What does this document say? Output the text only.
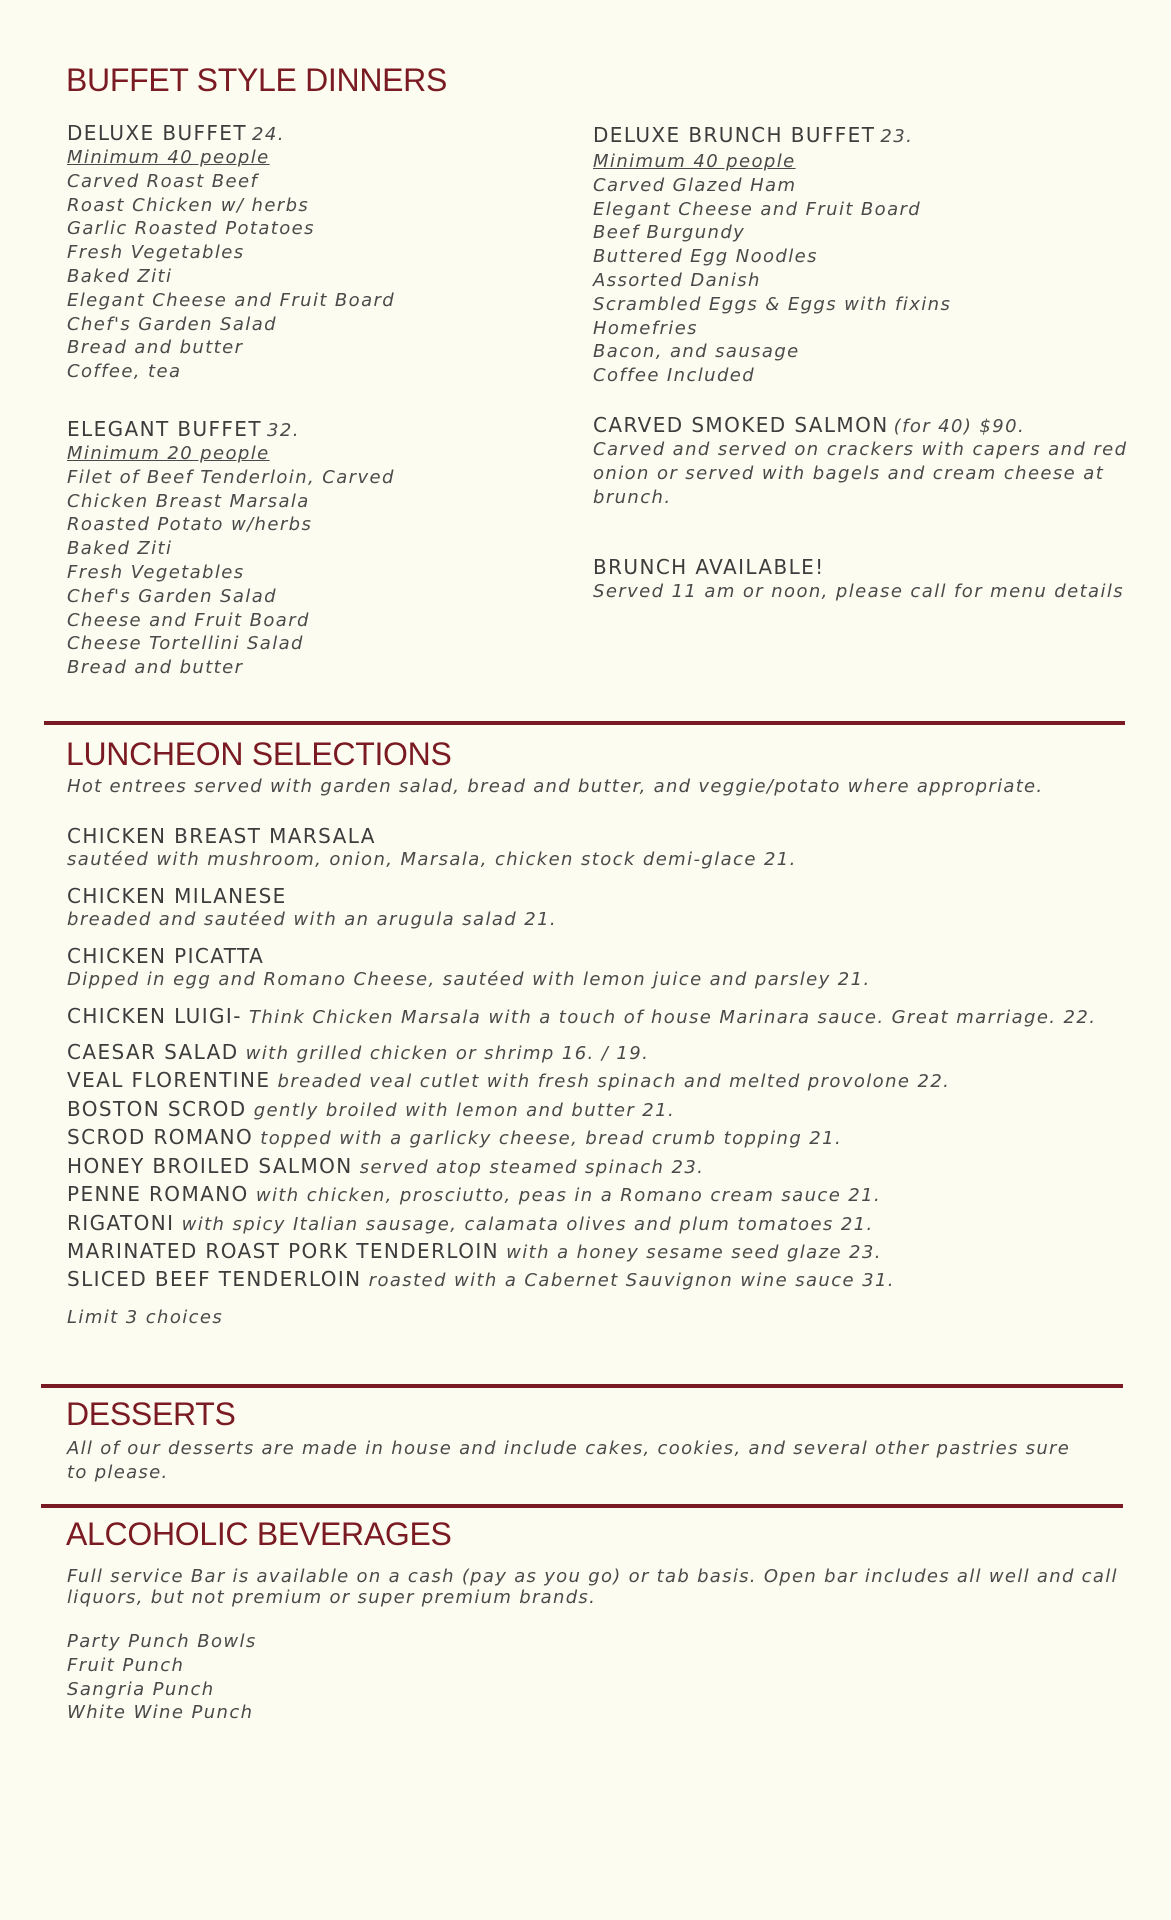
BUFFET STYLE DINNERS
DELUXE BUFFET 24.
Minimum 40 people
Carved Roast Beef
Roast Chicken w/ herbs
Garlic Roasted Potatoes
Fresh Vegetables
Baked Ziti
Elegant Cheese and Fruit Board
Chef's Garden Salad
Bread and butter
Coffee, tea
ELEGANT BUFFET 32.
Minimum 20 people
Filet of Beef Tenderloin, Carved
Chicken Breast Marsala
Roasted Potato w/herbs
Baked Ziti
Fresh Vegetables
Chef's Garden Salad
Cheese and Fruit Board
Cheese Tortellini Salad
Bread and butter
DELUXE BRUNCH BUFFET 23.
Minimum 40 people
Carved Glazed Ham
Elegant Cheese and Fruit Board
Beef Burgundy
Buttered Egg Noodles
Assorted Danish
Scrambled Eggs & Eggs with fixins
Homefries
Bacon, and sausage
Coffee Included
CARVED SMOKED SALMON (for 40) $90.
Carved and served on crackers with capers and red
onion or served with bagels and cream cheese at
brunch.
BRUNCH AVAILABLE!
Served 11 am or noon, please call for menu details
LUNCHEON SELECTIONS
Hot entrees served with garden salad, bread and butter, and veggie/potato where appropriate.
CHICKEN BREAST MARSALA
sautéed with mushroom, onion, Marsala, chicken stock demi-glace 21.
CHICKEN MILANESE
breaded and sautéed with an arugula salad 21.
CHICKEN PICATTA
Dipped in egg and Romano Cheese, sautéed with lemon juice and parsley 21.
CHICKEN LUIGI- Think Chicken Marsala with a touch of house Marinara sauce. Great marriage. 22.
CAESAR SALAD with grilled chicken or shrimp 16. / 19.
VEAL FLORENTINE breaded veal cutlet with fresh spinach and melted provolone 22.
BOSTON SCROD gently broiled with lemon and butter 21.
SCROD ROMANO topped with a garlicky cheese, bread crumb topping 21.
HONEY BROILED SALMON served atop steamed spinach 23.
PENNE ROMANO with chicken, prosciutto, peas in a Romano cream sauce 21.
RIGATONI with spicy Italian sausage, calamata olives and plum tomatoes 21.
MARINATED ROAST PORK TENDERLOIN with a honey sesame seed glaze 23.
SLICED BEEF TENDERLOIN roasted with a Cabernet Sauvignon wine sauce 31.
Limit 3 choices
DESSERTS
All of our desserts are made in house and include cakes, cookies, and several other pastries sure
to please.
ALCOHOLIC BEVERAGES
Full service Bar is available on a cash (pay as you go) or tab basis. Open bar includes all well and call
liquors, but not premium or super premium brands.
Party Punch Bowls
Fruit Punch
Sangria Punch
White Wine Punch
